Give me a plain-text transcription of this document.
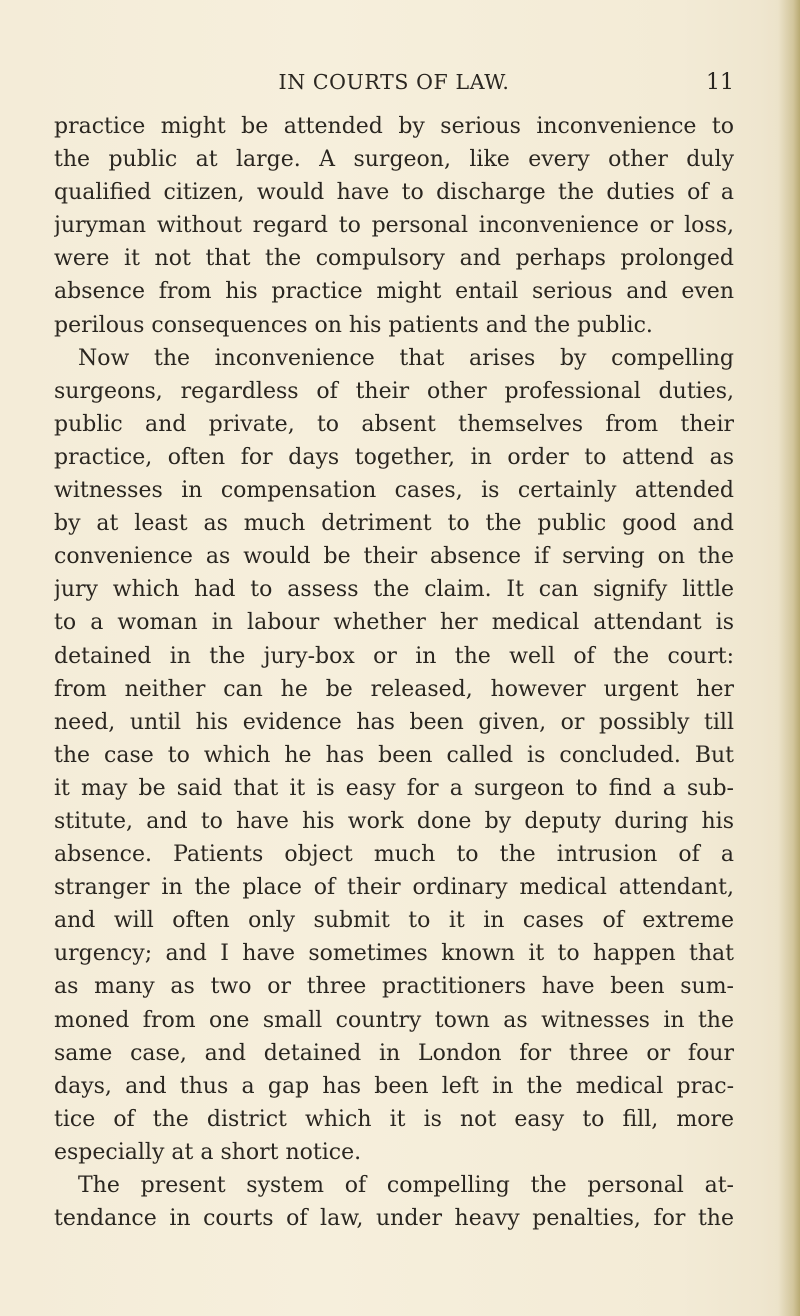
IN COURTS OF LAW.	11
practice might be attended by serious inconvenience to
the public at large. A surgeon, like every other duly
qualified citizen, would have to discharge the duties of a
juryman without regard to personal inconvenience or loss,
were it not that the compulsory and perhaps prolonged
absence from his practice might entail serious and even
perilous consequences on his patients and the public.
Now the inconvenience that arises by compelling
surgeons, regardless of their other professional duties,
public and private, to absent themselves from their
practice, often for days together, in order to attend as
witnesses in compensation cases, is certainly attended
by at least as much detriment to the public good and
convenience as would be their absence if serving on the
jury which had to assess the claim. It can signify little
to a woman in labour whether her medical attendant is
detained in the jury-box or in the well of the court:
from neither can he be released, however urgent her
need, until his evidence has been given, or possibly till
the case to which he has been called is concluded. But
it may be said that it is easy for a surgeon to find a sub-
stitute, and to have his work done by deputy during his
absence. Patients object much to the intrusion of a
stranger in the place of their ordinary medical attendant,
and will often only submit to it in cases of extreme
urgency; and I have sometimes known it to happen that
as many as two or three practitioners have been sum-
moned from one small country town as witnesses in the
same case, and detained in London for three or four
days, and thus a gap has been left in the medical prac-
tice of the district which it is not easy to fill, more
especially at a short notice.
The present system of compelling the personal at-
tendance in courts of law, under heavy penalties, for the
